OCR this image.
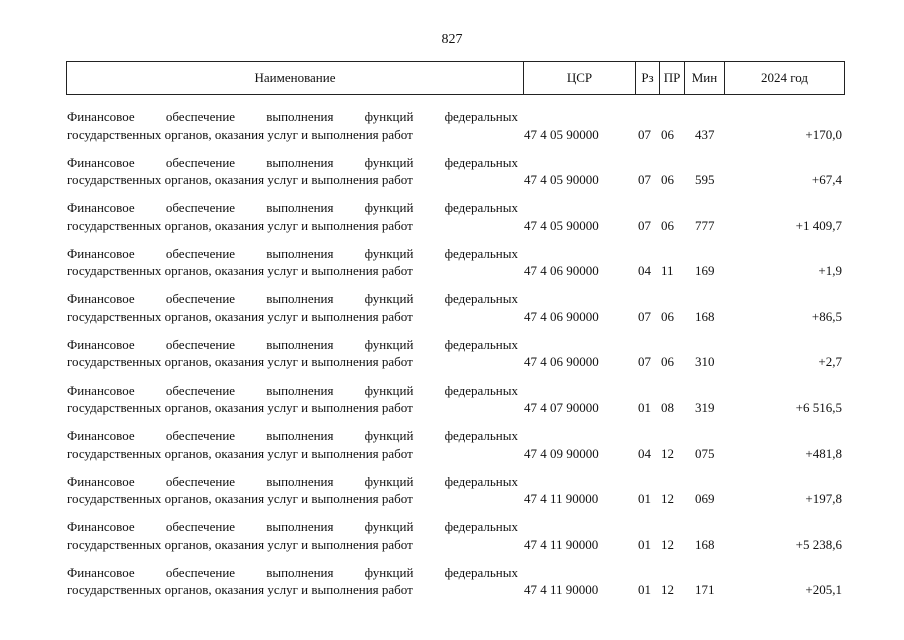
827
Наименование	ЦСР	Рз ПР Мин	2024 год
Финансовое обеспечение выполнения функций федеральных
государственных органов, оказания услуг и выполнения работ	47 4 05 90000	07 06 437	+170,0
Финансовое обеспечение выполнения функций федеральных
государственных органов, оказания услуг и выполнения работ	47 4 05 90000	07 06 595	+67,4
Финансовое обеспечение выполнения функций федеральных
государственных органов, оказания услуг и выполнения работ	47 4 05 90000	07 06 777	+1 409,7
Финансовое обеспечение выполнения функций федеральных
государственных органов, оказания услуг и выполнения работ	47 4 06 90000	04 11 169	+1,9
Финансовое обеспечение выполнения функций федеральных
государственных органов, оказания услуг и выполнения работ	47 4 06 90000	07 06 168	+86,5
Финансовое обеспечение выполнения функций федеральных
государственных органов, оказания услуг и выполнения работ	47 4 06 90000	07 06 310	+2,7
Финансовое обеспечение выполнения функций федеральных
государственных органов, оказания услуг и выполнения работ	47 4 07 90000	01 08 319	+6 516,5
Финансовое обеспечение выполнения функций федеральных
государственных органов, оказания услуг и выполнения работ	47 4 09 90000	04 12 075	+481,8
Финансовое обеспечение выполнения функций федеральных
государственных органов, оказания услуг и выполнения работ	47 4 11 90000	01 12 069	+197,8
Финансовое обеспечение выполнения функций федеральных
государственных органов, оказания услуг и выполнения работ	47 4 11 90000	01 12 168	+5 238,6
Финансовое обеспечение выполнения функций федеральных
государственных органов, оказания услуг и выполнения работ	47 4 11 90000	01 12 171	+205,1
